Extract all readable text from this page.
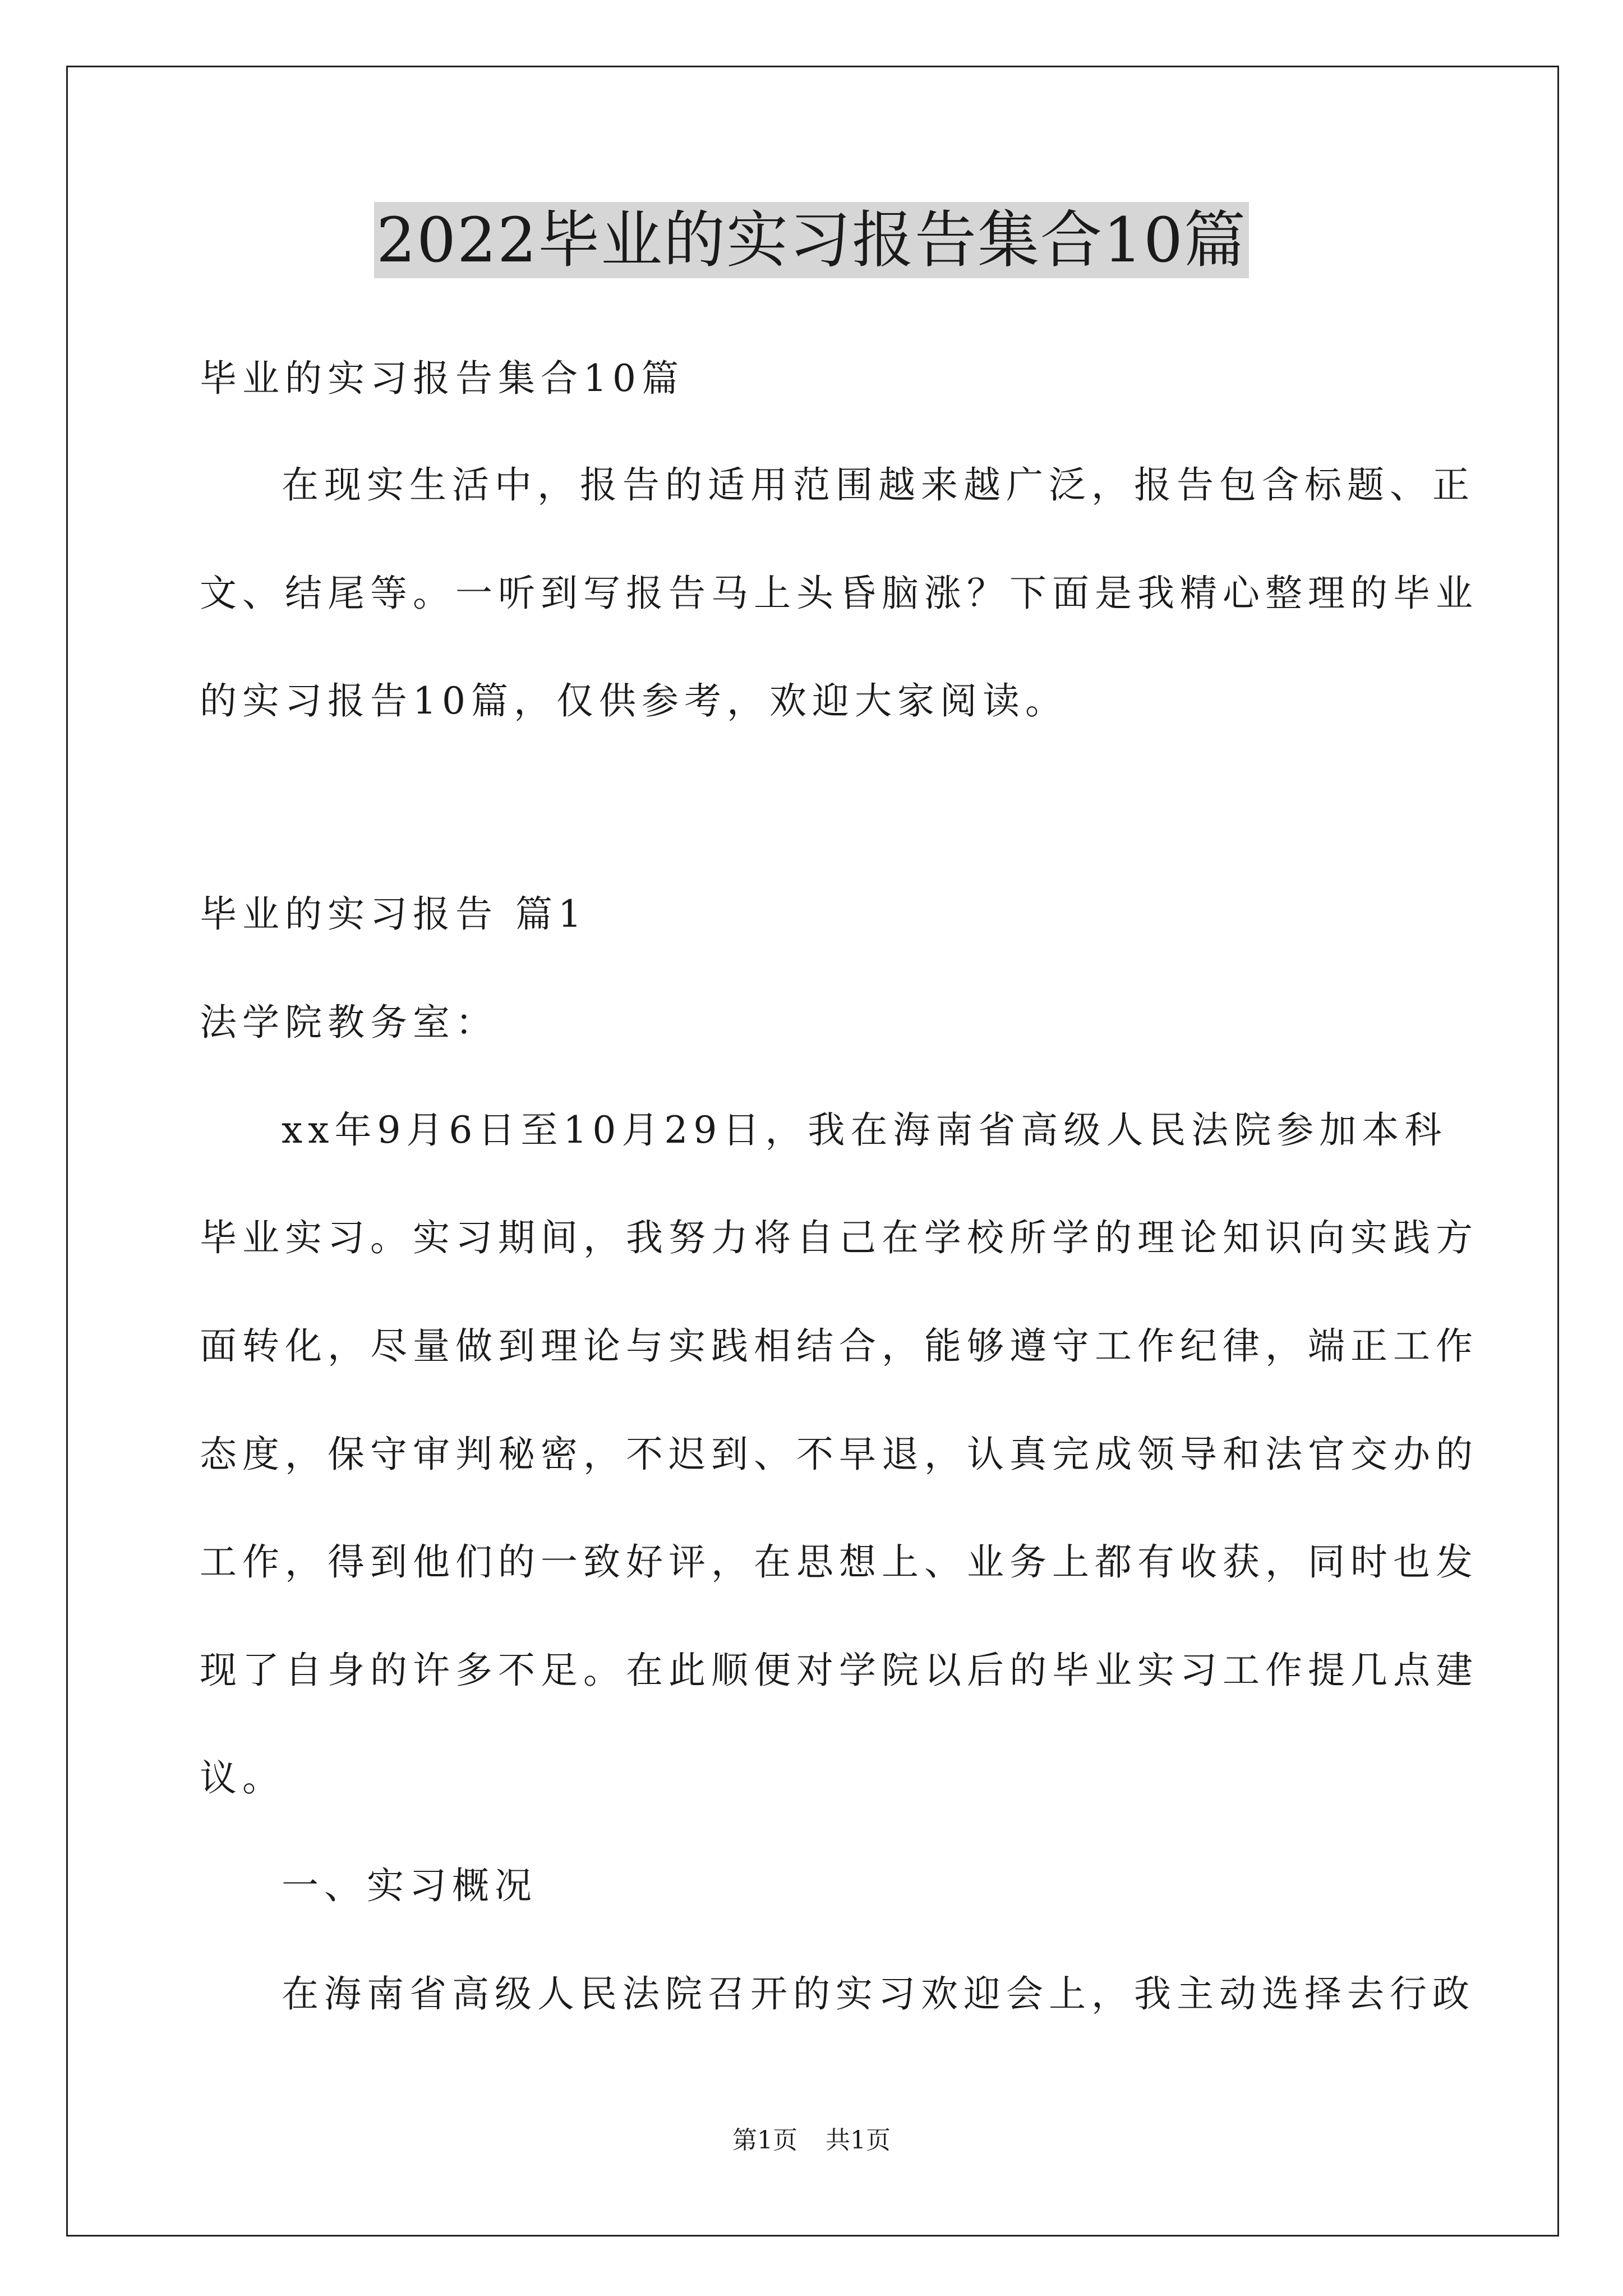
2022毕业的实习报告集合10篇
毕业的实习报告集合10篇
在现实生活中，报告的适用范围越来越广泛，报告包含标题、正
文、结尾等。一听到写报告马上头昏脑涨？下面是我精心整理的毕业
的实习报告10篇，仅供参考，欢迎大家阅读。
毕业的实习报告 篇1
法学院教务室：
xx年9月6日至10月29日，我在海南省高级人民法院参加本科
毕业实习。实习期间，我努力将自己在学校所学的理论知识向实践方
面转化，尽量做到理论与实践相结合，能够遵守工作纪律，端正工作
态度，保守审判秘密，不迟到、不早退，认真完成领导和法官交办的
工作，得到他们的一致好评，在思想上、业务上都有收获，同时也发
现了自身的许多不足。在此顺便对学院以后的毕业实习工作提几点建
议。
一、实习概况
在海南省高级人民法院召开的实习欢迎会上，我主动选择去行政
第1页 共1页
